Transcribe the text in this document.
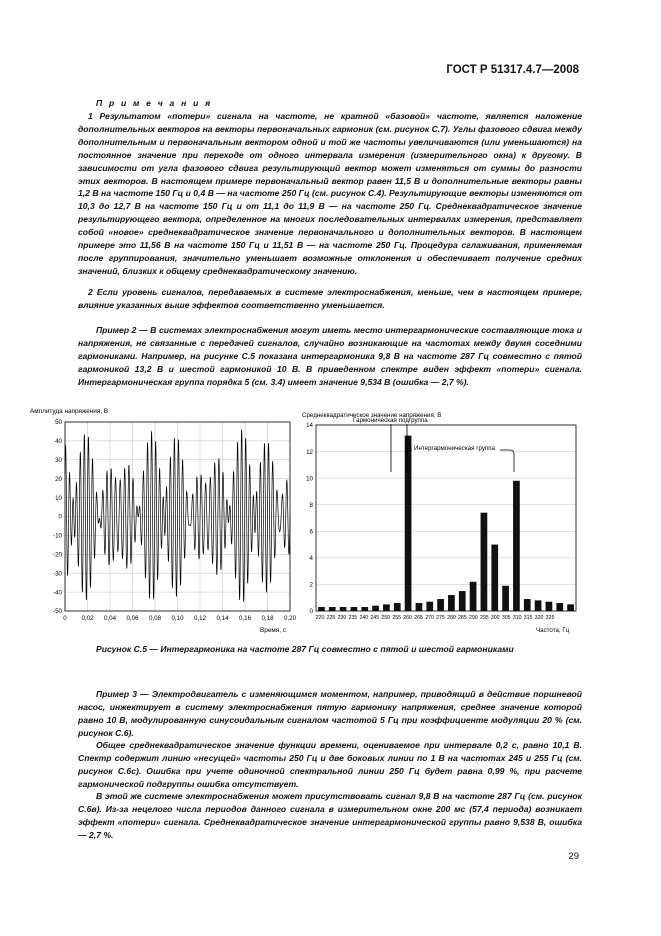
ГОСТ Р 51317.4.7—2008
П р и м е ч а н и я

1 Результатом «потери» сигнала на частоте, не кратной «базовой» частоте, является наложение дополнительных векторов на векторы первоначальных гармоник (см. рисунок С.7). Углы фазового сдвига между дополнительным и первоначальным вектором одной и той же частоты увеличиваются (или уменьшаются) на постоянное значение при переходе от одного интервала измерения (измерительного окна) к другому. В зависимости от угла фазового сдвига результирующий вектор может изменяться от суммы до разности этих векторов. В настоящем примере первоначальный вектор равен 11,5 В и дополнительные векторы равны 1,2 В на частоте 150 Гц и 0,4 В — на частоте 250 Гц (см. рисунок С.4). Результирующие векторы изменяются от 10,3 до 12,7 В на частоте 150 Гц и от 11,1 до 11,9 В — на частоте 250 Гц. Среднеквадратическое значение результирующего вектора, определенное на многих последовательных интервалах измерения, представляет собой «новое» среднеквадратическое значение первоначального и дополнительных векторов. В настоящем примере это 11,56 В на частоте 150 Гц и 11,51 В — на частоте 250 Гц. Процедура сглаживания, применяемая после группирования, значительно уменьшает возможные отклонения и обеспечивает получение средних значений, близких к общему среднеквадратическому значению.

2 Если уровень сигналов, передаваемых в системе электроснабжения, меньше, чем в настоящем примере, влияние указанных выше эффектов соответственно уменьшается.

Пример 2 — В системах электроснабжения могут иметь место интергармонические составляющие тока и напряжения, не связанные с передачей сигналов, случайно возникающие на частотах между двумя соседними гармониками. Например, на рисунке С.5 показана интергармоника 9,8 В на частоте 287 Гц совместно с пятой гармоникой 13,2 В и шестой гармоникой 10 В. В приведенном спектре виден эффект «потери» сигнала. Интергармоническая группа порядка 5 (см. 3.4) имеет значение 9,534 В (ошибка — 2,7 %).

50
40
30
20
10
0
-10
-20
-30
-40
-50
0 0,02 0,04 0,06 0,08 0,10 0,12 0,14 0,16 0,18 0,20
Амплитуда напряжения, В
Время, с
0
2
4
6
8
10
12
14
220 225 230 235 240 245 250 255 260 265 270 275 280 285 290 295 300 305 310 315 320 325
Гармоническая подгруппа
Интергармоническая группа
Среднеквадратическое значение напряжения, В
Частота, Гц
Рисунок С.5 — Интергармоника на частоте 287 Гц совместно с пятой и шестой гармониками

Пример 3 — Электродвигатель с изменяющимся моментом, например, приводящий в действие поршневой насос, инжектирует в систему электроснабжения пятую гармонику напряжения, среднее значение которой равно 10 В, модулированную синусоидальным сигналом частотой 5 Гц при коэффициенте модуляции 20 % (см. рисунок С.6).

Общее среднеквадратическое значение функции времени, оцениваемое при интервале 0,2 с, равно 10,1 В. Спектр содержит линию «несущей» частоты 250 Гц и две боковых линии по 1 В на частотах 245 и 255 Гц (см. рисунок С.6с). Ошибка при учете одиночной спектральной линии 250 Гц будет равна 0,99 %, при расчете гармонической подгруппы ошибка отсутствует.

В этой же системе электроснабжения может присутствовать сигнал 9,8 В на частоте 287 Гц (см. рисунок С.6в). Из-за нецелого числа периодов данного сигнала в измерительном окне 200 мс (57,4 периода) возникает эффект «потери» сигнала. Среднеквадратическое значение интергармонической группы равно 9,538 В, ошибка — 2,7 %.

29
